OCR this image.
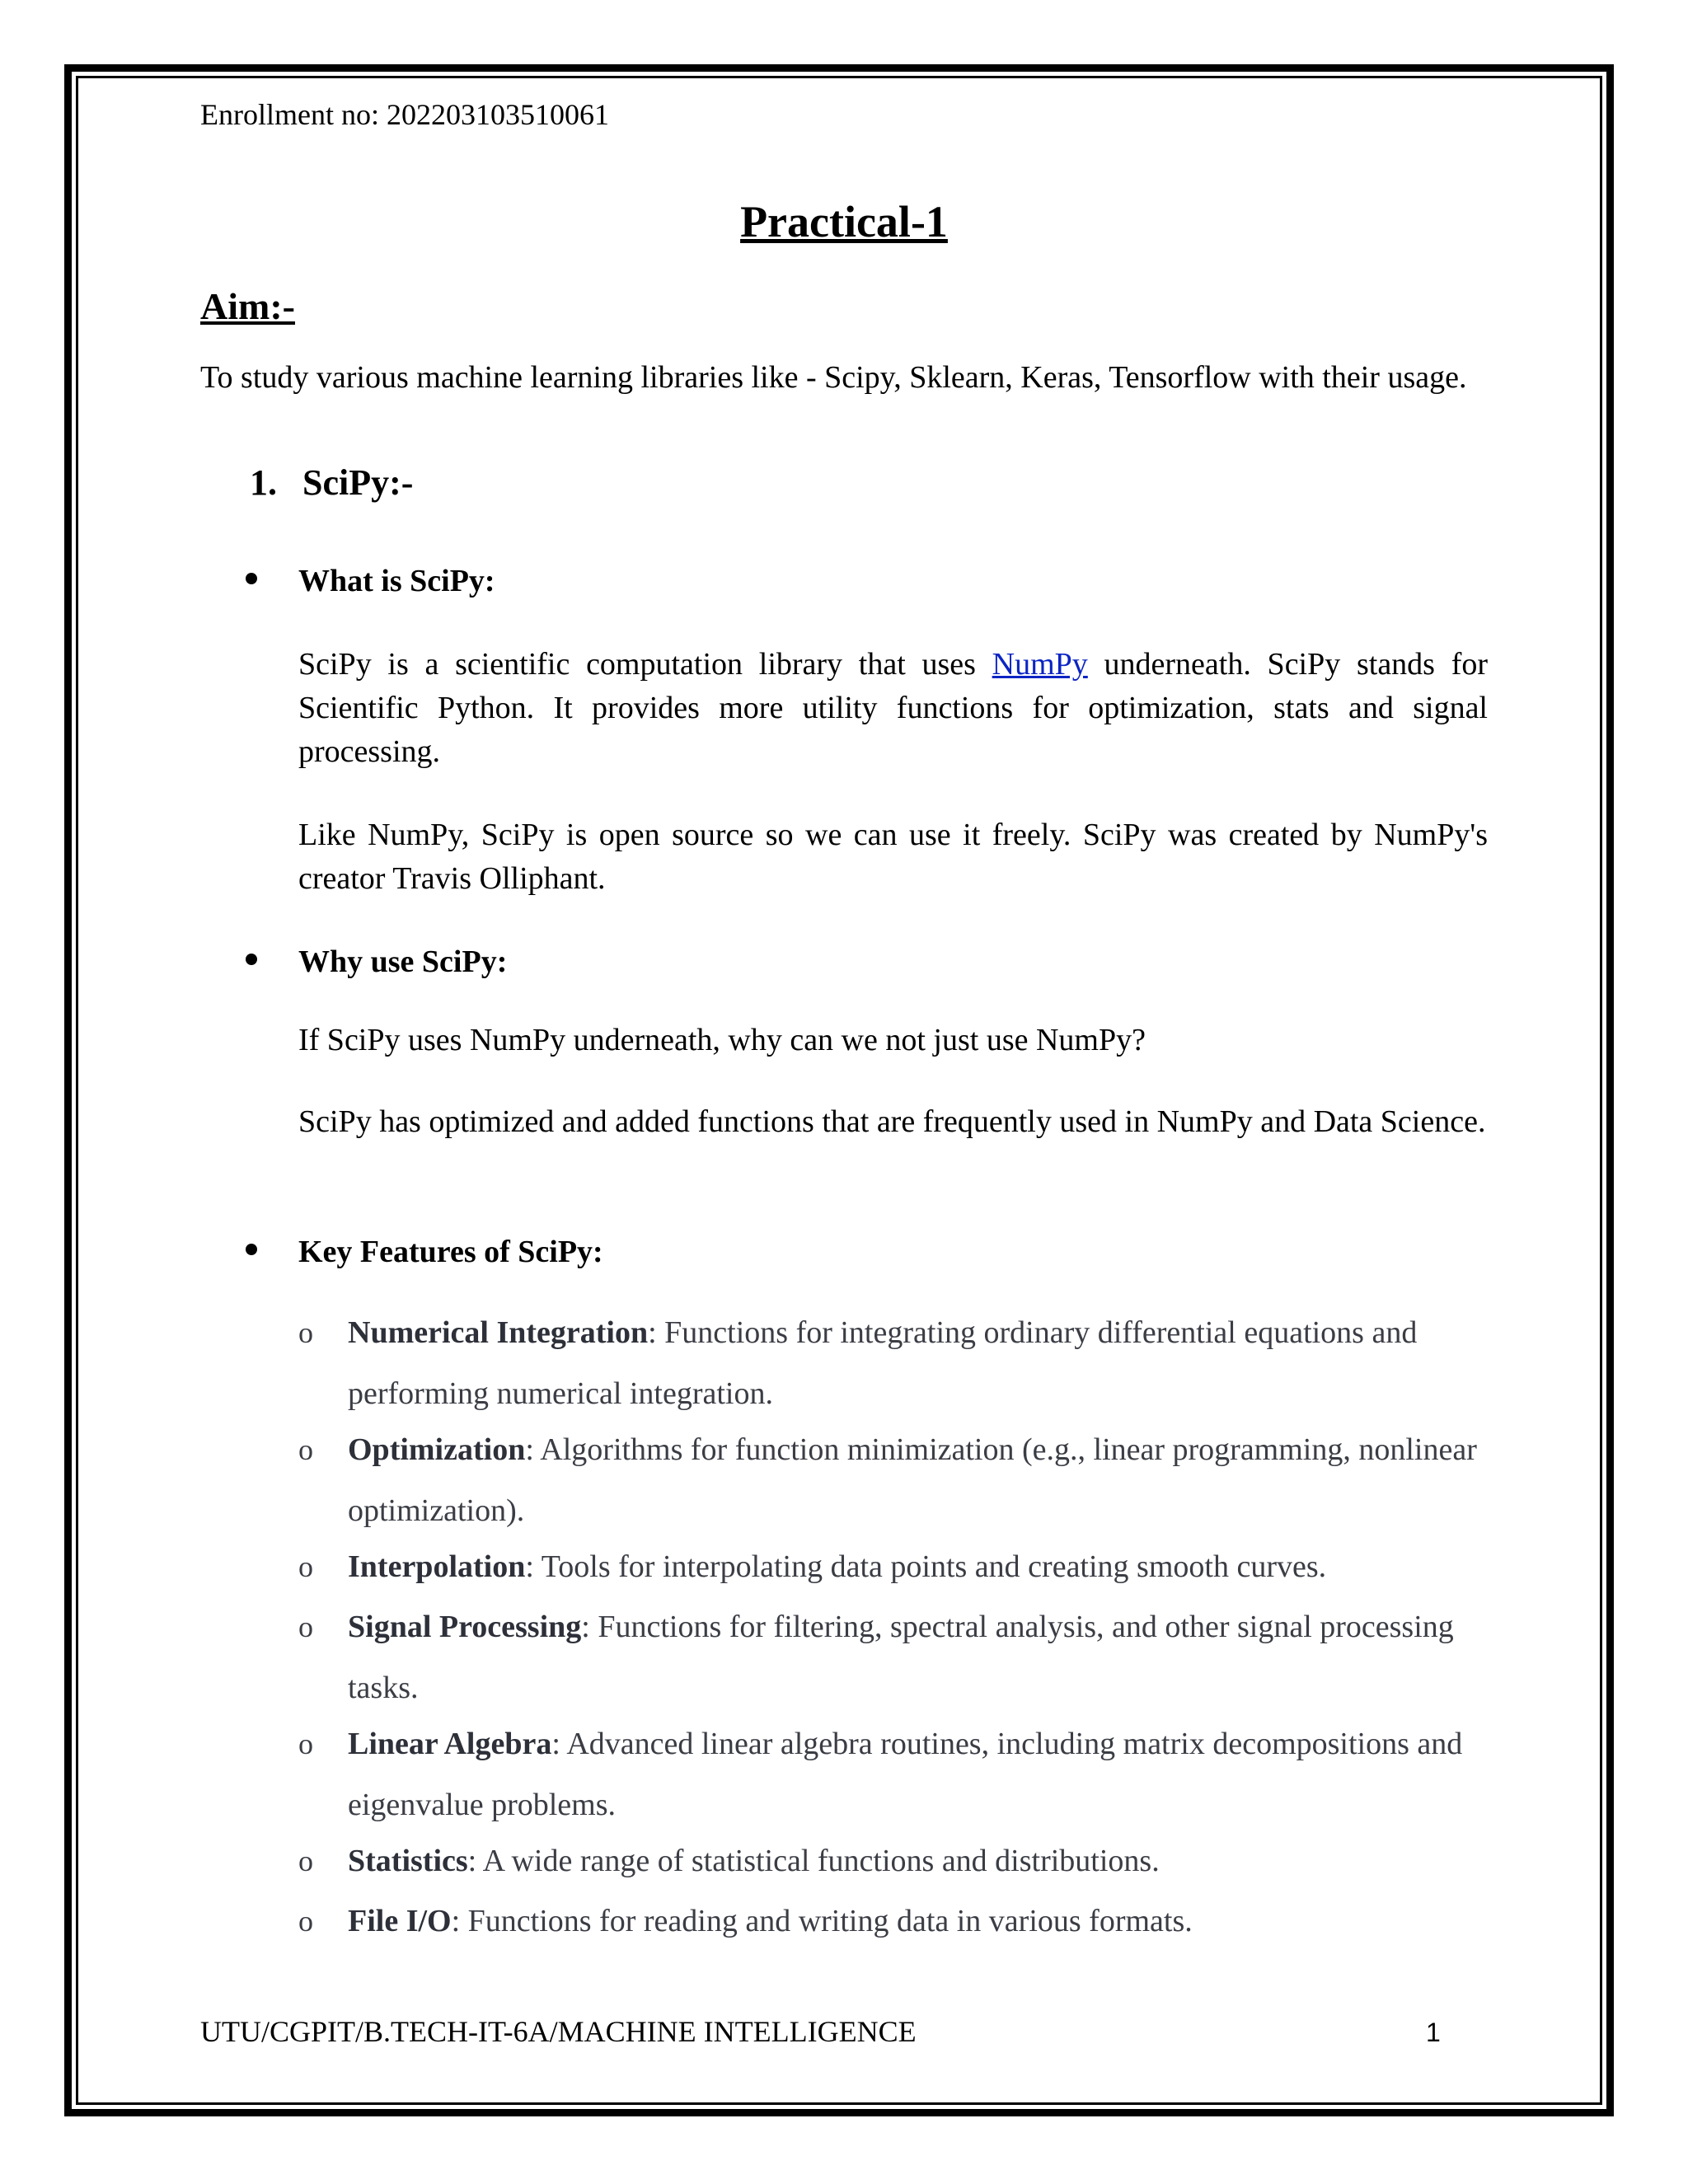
Enrollment no: 202203103510061
Practical-1
Aim:-
To study various machine learning libraries like - Scipy, Sklearn, Keras, Tensorflow with their usage.
1. SciPy:-
What is SciPy:
SciPy is a scientific computation library that uses NumPy underneath. SciPy stands for Scientific Python. It provides more utility functions for optimization, stats and signal processing.
Like NumPy, SciPy is open source so we can use it freely. SciPy was created by NumPy's creator Travis Olliphant.
Why use SciPy:
If SciPy uses NumPy underneath, why can we not just use NumPy?
SciPy has optimized and added functions that are frequently used in NumPy and Data Science.
Key Features of SciPy:
o Numerical Integration: Functions for integrating ordinary differential equations and performing numerical integration.
o Optimization: Algorithms for function minimization (e.g., linear programming, nonlinear optimization).
o Interpolation: Tools for interpolating data points and creating smooth curves.
o Signal Processing: Functions for filtering, spectral analysis, and other signal processing tasks.
o Linear Algebra: Advanced linear algebra routines, including matrix decompositions and eigenvalue problems.
o Statistics: A wide range of statistical functions and distributions.
o File I/O: Functions for reading and writing data in various formats.
UTU/CGPIT/B.TECH-IT-6A/MACHINE INTELLIGENCE	1
